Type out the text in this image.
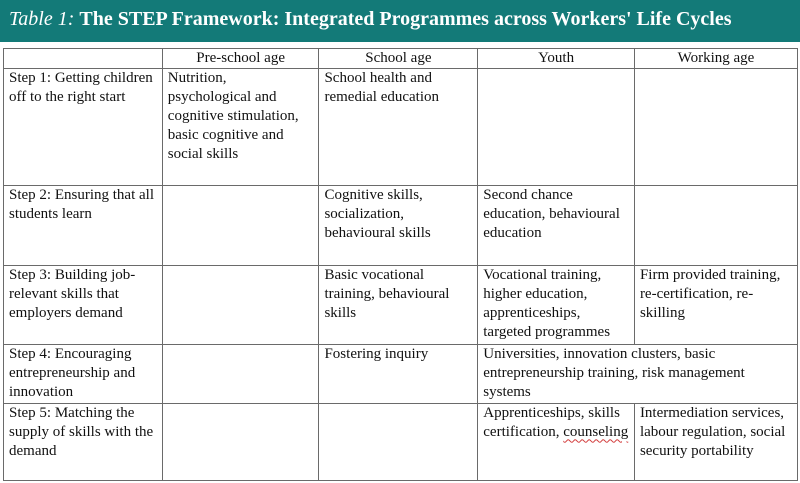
Table 1: The STEP Framework: Integrated Programmes across Workers' Life Cycles
	Pre-school age	School age	Youth	Working age
Step 1: Getting children off to the right start	Nutrition, psychological and cognitive stimulation, basic cognitive and social skills	School health and remedial education		
Step 2: Ensuring that all students learn		Cognitive skills, socialization, behavioural skills	Second chance education, behavioural education	
Step 3: Building job-relevant skills that employers demand		Basic vocational training, behavioural skills	Vocational training, higher education, apprenticeships, targeted programmes	Firm provided training, re-certification, re-skilling
Step 4: Encouraging entrepreneurship and innovation		Fostering inquiry	Universities, innovation clusters, basic entrepreneurship training, risk management systems	
Step 5: Matching the supply of skills with the demand			Apprenticeships, skills certification, counseling	Intermediation services, labour regulation, social security portability
